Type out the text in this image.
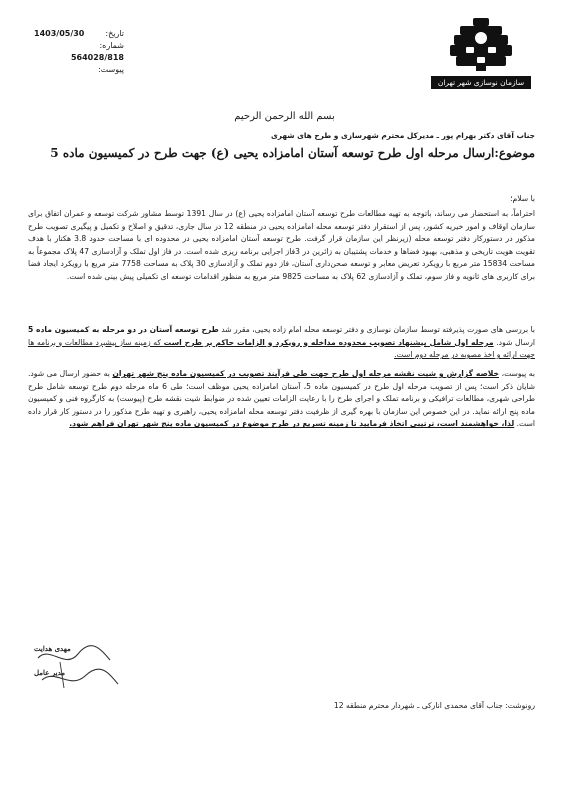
تاریخ:
1403/05/30
شماره:
564028/818
پیوست:
سازمان نوسازی شهر تهران
بسم الله الرحمن الرحیم
جناب آقای دکتر بهرام پور ـ مدیرکل محترم شهرسازی و طرح های شهری
موضوع:ارسال مرحله اول طرح توسعه آستان امامزاده یحیی (ع) جهت طرح در کمیسیون ماده 5
با سلام؛
احتراماً، به استحضار می رساند، باتوجه به تهیه مطالعات طرح توسعه آستان امامزاده یحیی (ع) در سال 1391 توسط مشاور شرکت توسعه و عمران اتفاق برای سازمان اوقاف و امور خیریه کشور، پس از استقرار دفتر توسعه محله امامزاده یحیی در منطقه 12 در سال جاری، تدقیق و اصلاح و تکمیل و پیگیری تصویب طرح مذکور در دستورکار دفتر توسعه محله (زیرنظر این سازمان قرار گرفت. طرح توسعه آستان امامزاده یحیی در محدوده ای با مساحت حدود 3.8 هکتار با هدف تقویت هویت تاریخی و مذهبی، بهبود فضاها و خدمات پشتیبان به زائرین در 3فاز اجرایی برنامه ریزی شده است. در فاز اول تملک و آزادسازی 47 پلاک مجموعاً به مساحت 15834 متر مربع با رویکرد تعریض معابر و توسعه صحن‌داری آستان، فاز دوم تملک و آزادسازی 30 پلاک به مساحت 7758 متر مربع با رویکرد ایجاد فضا برای کاربری های ثانویه و فاز سوم، تملک و آزادسازی 62 پلاک به مساحت 9825 متر مربع به منظور اقدامات توسعه ای تکمیلی پیش بینی شده است.
با بررسی های صورت پذیرفته توسط سازمان نوسازی و دفتر توسعه محله امام زاده یحیی، مقرر شد طرح توسعه آستان در دو مرحله به کمیسیون ماده 5 ارسال شود. مرحله اول شامل پیشنهاد تصویب محدوده مداخله و رویکرد و الزامات حاکم بر طرح است که زمینه ساز پیشبرد مطالعات و برنامه ها جهت ارائه و اخذ مصوبه در مرحله دوم است.
به پیوست، خلاصه گزارش و شیت نقشه مرحله اول طرح جهت طی فرآیند تصویب در کمیسیون ماده پنج شهر تهران به حضور ارسال می شود. شایان ذکر است؛ پس از تصویب مرحله اول طرح در کمیسیون ماده 5، آستان امامزاده یحیی موظف است؛ طی 6 ماه مرحله دوم طرح توسعه شامل طرح طراحی شهری، مطالعات ترافیکی و برنامه تملک و اجرای طرح را با رعایت الزامات تعیین شده در ضوابط شیت نقشه طرح (پیوست) به کارگروه فنی و کمیسیون ماده پنج ارائه نماید. در این خصوص این سازمان با بهره گیری از ظرفیت دفتر توسعه محله امامزاده یحیی، راهبری و تهیه طرح مذکور را در دستور کار قرار داده است. لذا، خواهشمند است، ترتیبی اتخاذ فرمایید تا زمینه تسریع در طرح موضوع در کمیسیون ماده پنج شهر تهران فراهم شود.
مهدی هدایت
مدیر عامل
رونوشت: جناب آقای محمدی انارکی ـ شهردار محترم منطقه 12
